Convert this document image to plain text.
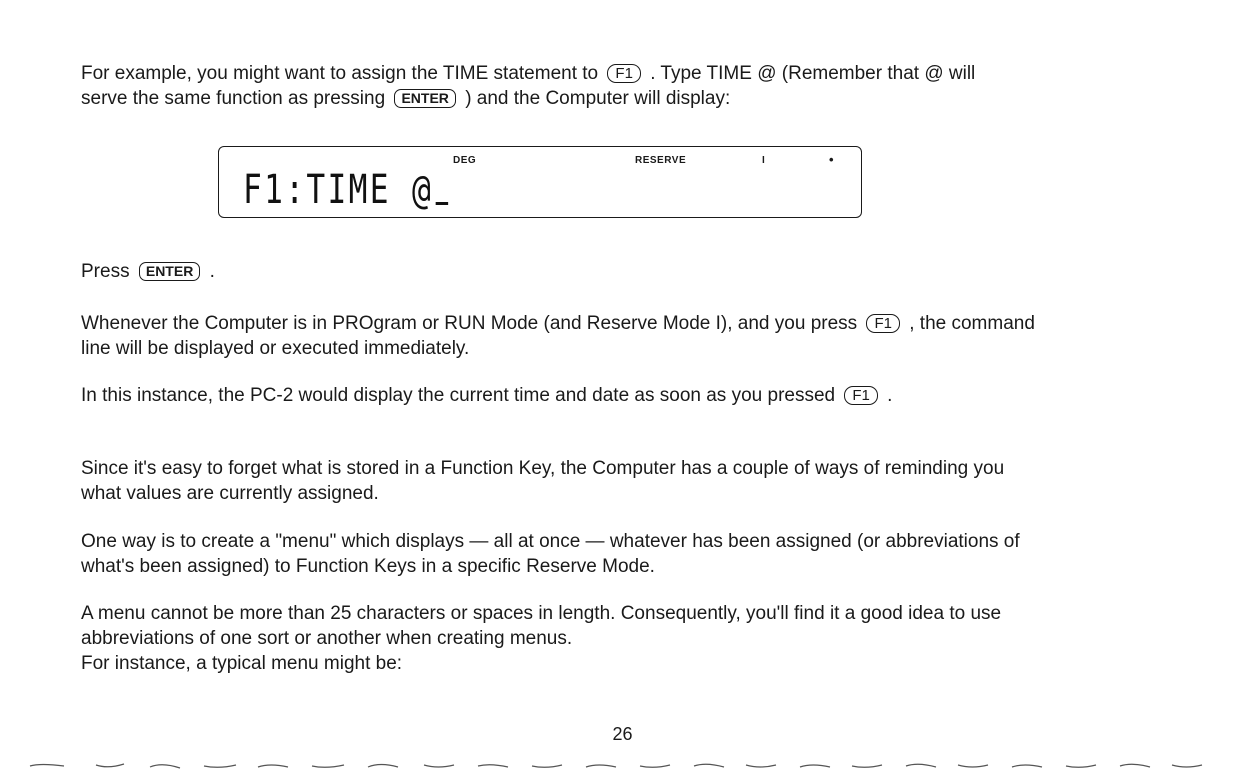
For example, you might want to assign the TIME statement to F1 . Type TIME @ (Remember that @ will
serve the same function as pressing ENTER ) and the Computer will display:

DEG	RESERVE	I	•
F1:TIME @

Press ENTER .

Whenever the Computer is in PROgram or RUN Mode (and Reserve Mode I), and you press F1 , the command
line will be displayed or executed immediately.

In this instance, the PC-2 would display the current time and date as soon as you pressed F1 .

Since it's easy to forget what is stored in a Function Key, the Computer has a couple of ways of reminding you
what values are currently assigned.

One way is to create a "menu" which displays — all at once — whatever has been assigned (or abbreviations of
what's been assigned) to Function Keys in a specific Reserve Mode.

A menu cannot be more than 25 characters or spaces in length. Consequently, you'll find it a good idea to use
abbreviations of one sort or another when creating menus.
For instance, a typical menu might be:

26
